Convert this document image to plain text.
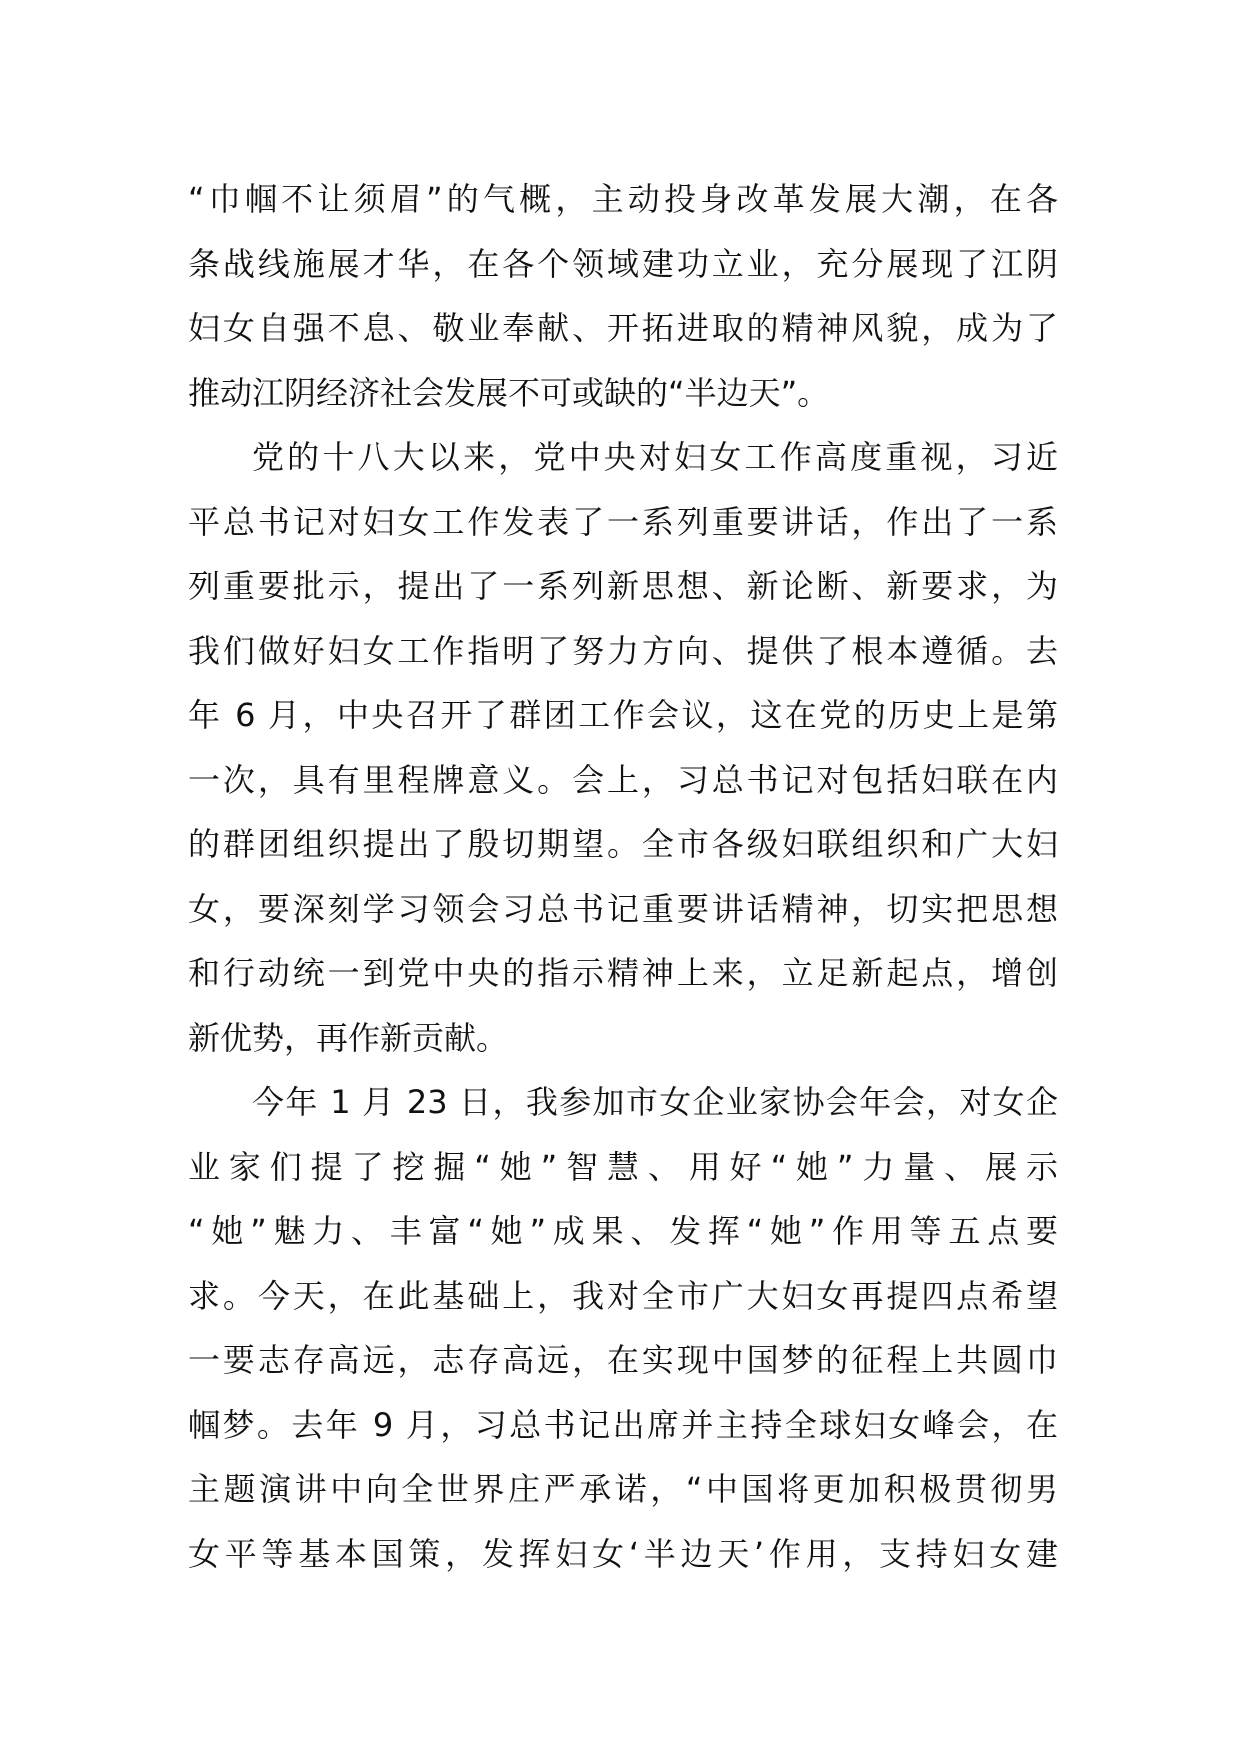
“巾帼不让须眉”的气概，主动投身改革发展大潮，在各
条战线施展才华，在各个领域建功立业，充分展现了江阴
妇女自强不息、敬业奉献、开拓进取的精神风貌，成为了
推动江阴经济社会发展不可或缺的“半边天”。
党的十八大以来，党中央对妇女工作高度重视，习近
平总书记对妇女工作发表了一系列重要讲话，作出了一系
列重要批示，提出了一系列新思想、新论断、新要求，为
我们做好妇女工作指明了努力方向、提供了根本遵循。去
年 6 月，中央召开了群团工作会议，这在党的历史上是第
一次，具有里程牌意义。会上，习总书记对包括妇联在内
的群团组织提出了殷切期望。全市各级妇联组织和广大妇
女，要深刻学习领会习总书记重要讲话精神，切实把思想
和行动统一到党中央的指示精神上来，立足新起点，增创
新优势，再作新贡献。
今年 1 月 23 日，我参加市女企业家协会年会，对女企
业家们提了挖掘“她”智慧、用好“她”力量、展示
“她”魅力、丰富“她”成果、发挥“她”作用等五点要
求。今天，在此基础上，我对全市广大妇女再提四点希望
一要志存高远，志存高远，在实现中国梦的征程上共圆巾
帼梦。去年 9 月，习总书记出席并主持全球妇女峰会，在
主题演讲中向全世界庄严承诺，“中国将更加积极贯彻男
女平等基本国策，发挥妇女‘半边天’作用，支持妇女建
